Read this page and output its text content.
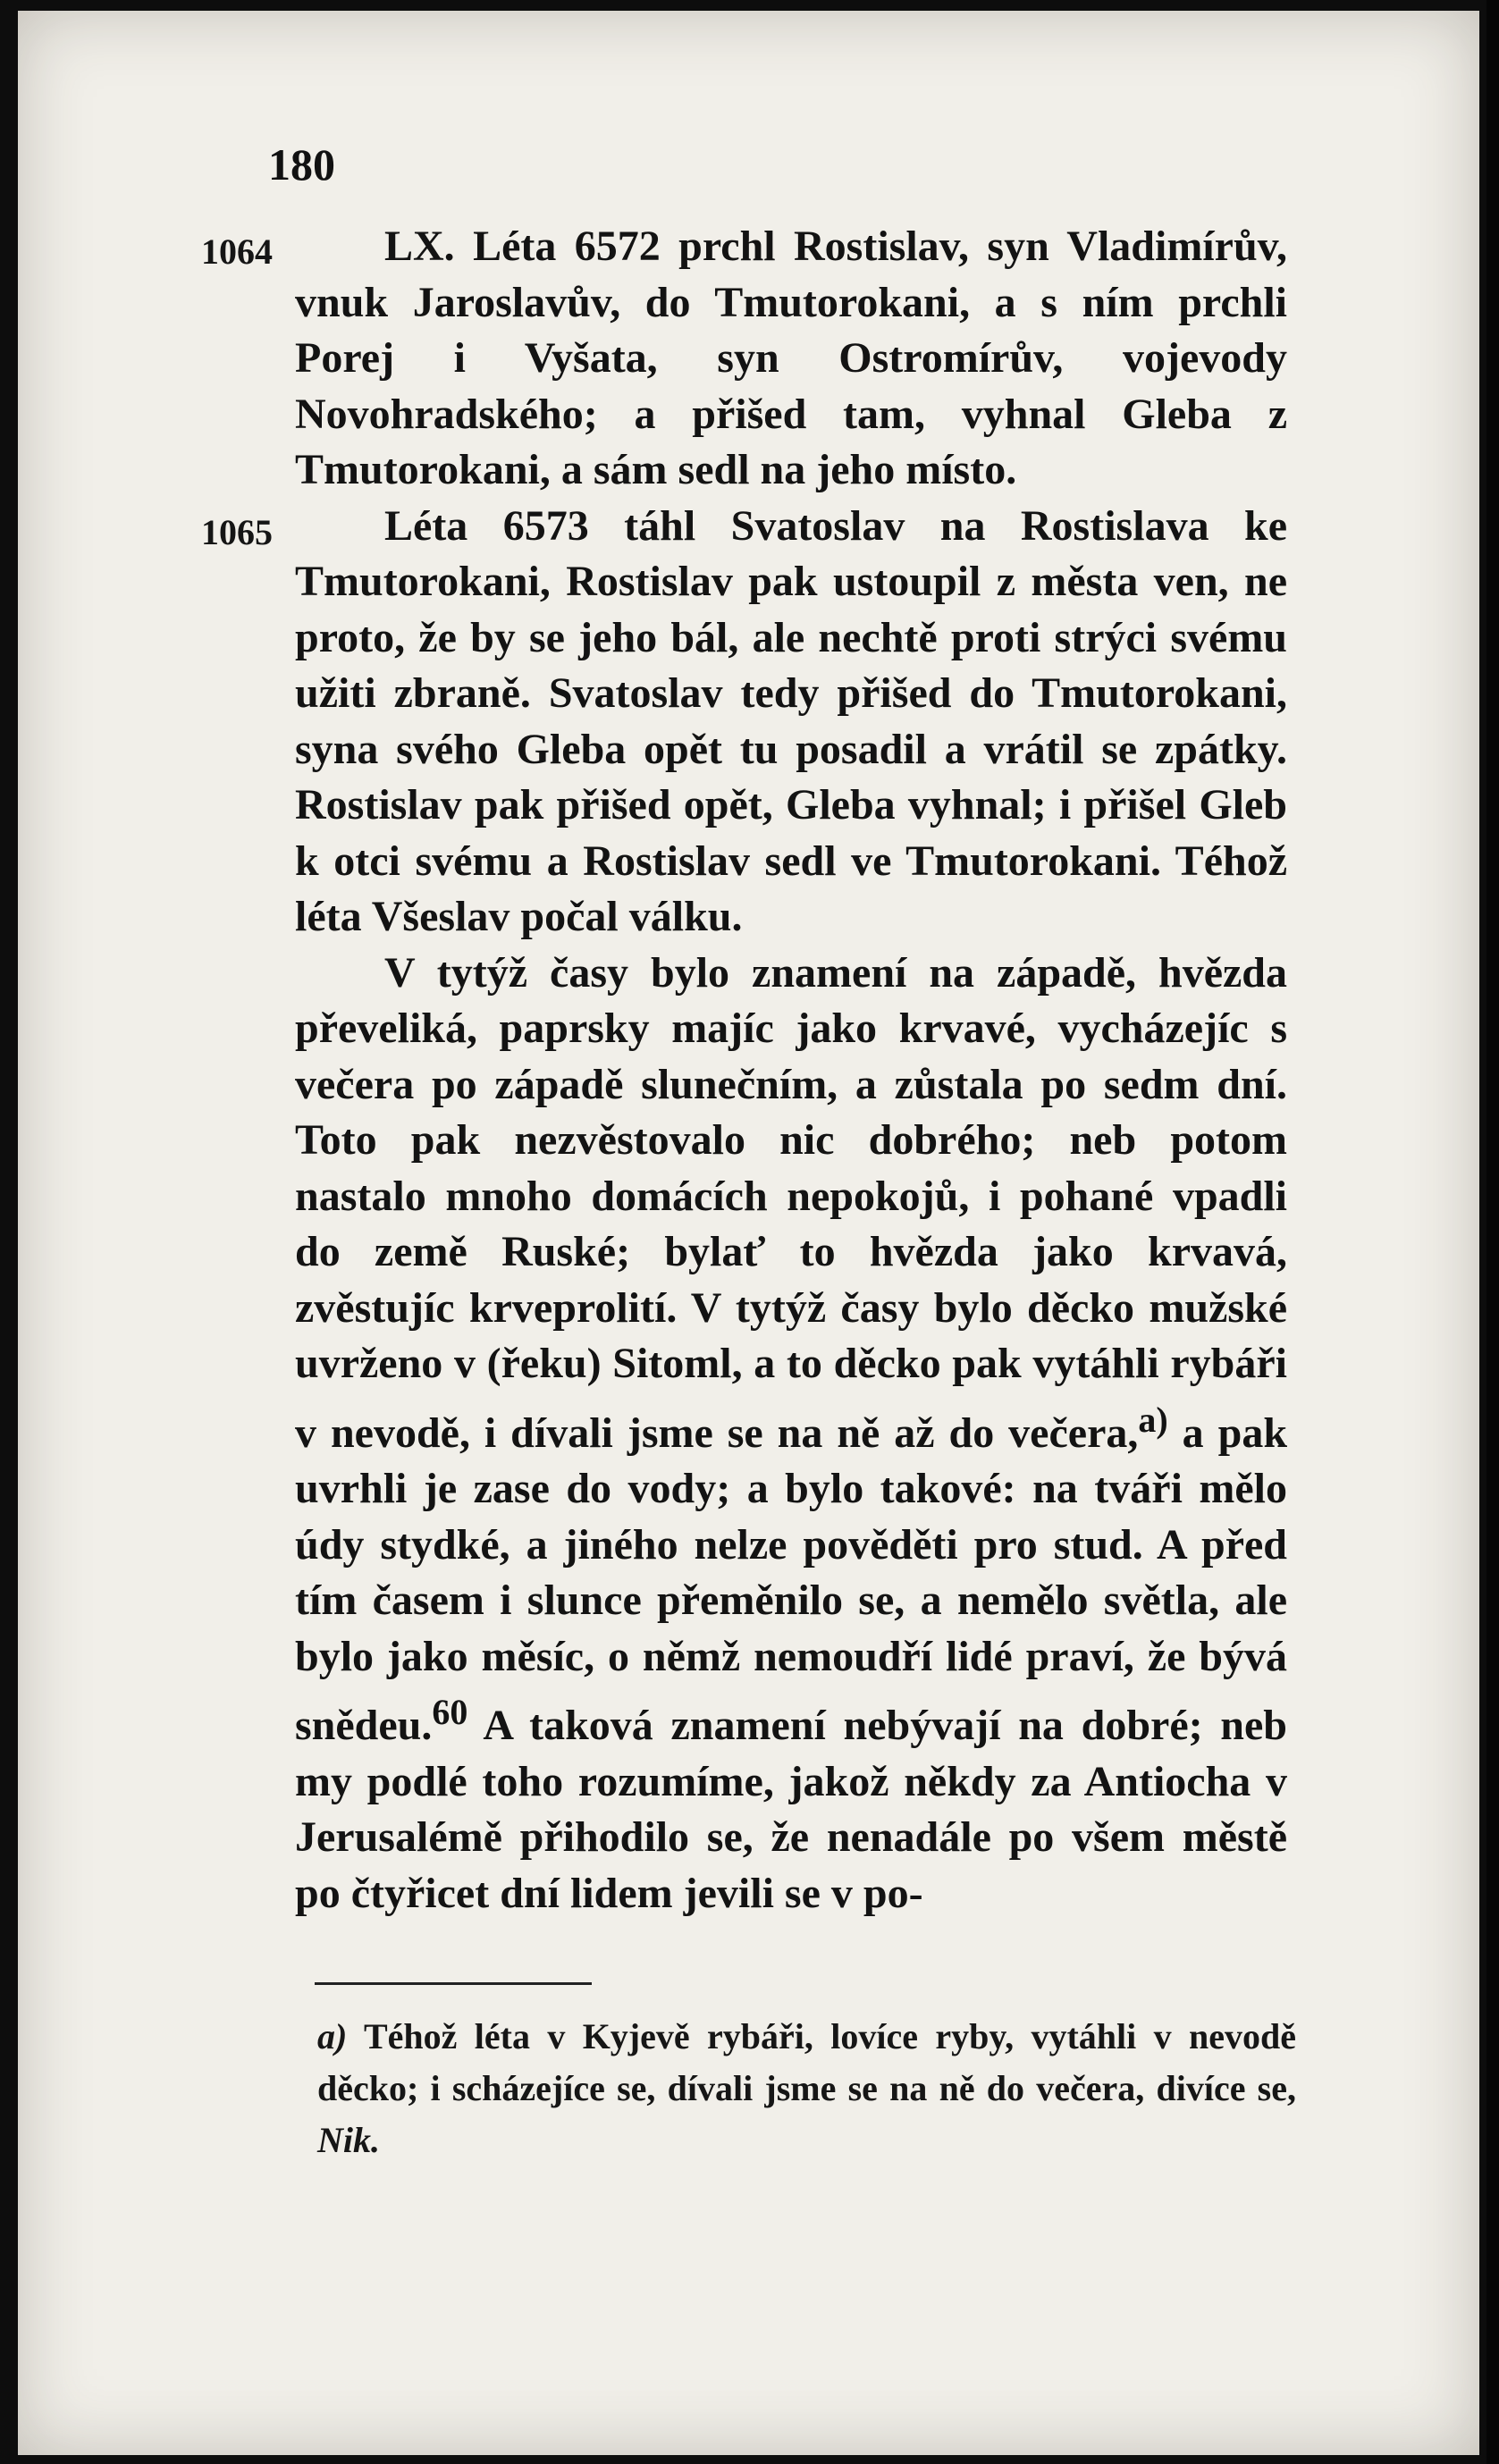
180
1064
1065

LX. Léta 6572 prchl Rostislav, syn Vladimírův, vnuk Jaroslavův, do Tmutorokani, a s ním prchli Porej i Vyšata, syn Ostromírův, vojevody Novohradského; a přišed tam, vyhnal Gleba z Tmutorokani, a sám sedl na jeho místo.

Léta 6573 táhl Svatoslav na Rostislava ke Tmutorokani, Rostislav pak ustoupil z města ven, ne proto, že by se jeho bál, ale nechtě proti strýci svému užiti zbraně. Svatoslav tedy přišed do Tmutorokani, syna svého Gleba opět tu posadil a vrátil se zpátky. Rostislav pak přišed opět, Gleba vyhnal; i přišel Gleb k otci svému a Rostislav sedl ve Tmutorokani. Téhož léta Všeslav počal válku.

V tytýž časy bylo znamení na západě, hvězda převeliká, paprsky majíc jako krvavé, vycházejíc s večera po západě slunečním, a zůstala po sedm dní. Toto pak nezvěstovalo nic dobrého; neb potom nastalo mnoho domácích nepokojů, i pohané vpadli do země Ruské; bylať to hvězda jako krvavá, zvěstujíc krveprolití. V tytýž časy bylo děcko mužské uvrženo v (řeku) Sitoml, a to děcko pak vytáhli rybáři v nevodě, i dívali jsme se na ně až do večera,$^{a)}$ a pak uvrhli je zase do vody; a bylo takové: na tváři mělo údy stydké, a jiného nelze pověděti pro stud. A před tím časem i slunce přeměnilo se, a nemělo světla, ale bylo jako měsíc, o němž nemoudří lidé praví, že bývá snědeu.$^{60}$ A taková znamení nebývají na dobré; neb my podlé toho rozumíme, jakož někdy za Antiocha v Jerusalémě přihodilo se, že nenadále po všem městě po čtyřicet dní lidem jevili se v po-

a) Téhož léta v Kyjevě rybáři, lovíce ryby, vytáhli v nevodě děcko; i scházejíce se, dívali jsme se na ně do večera, divíce se, Nik.
